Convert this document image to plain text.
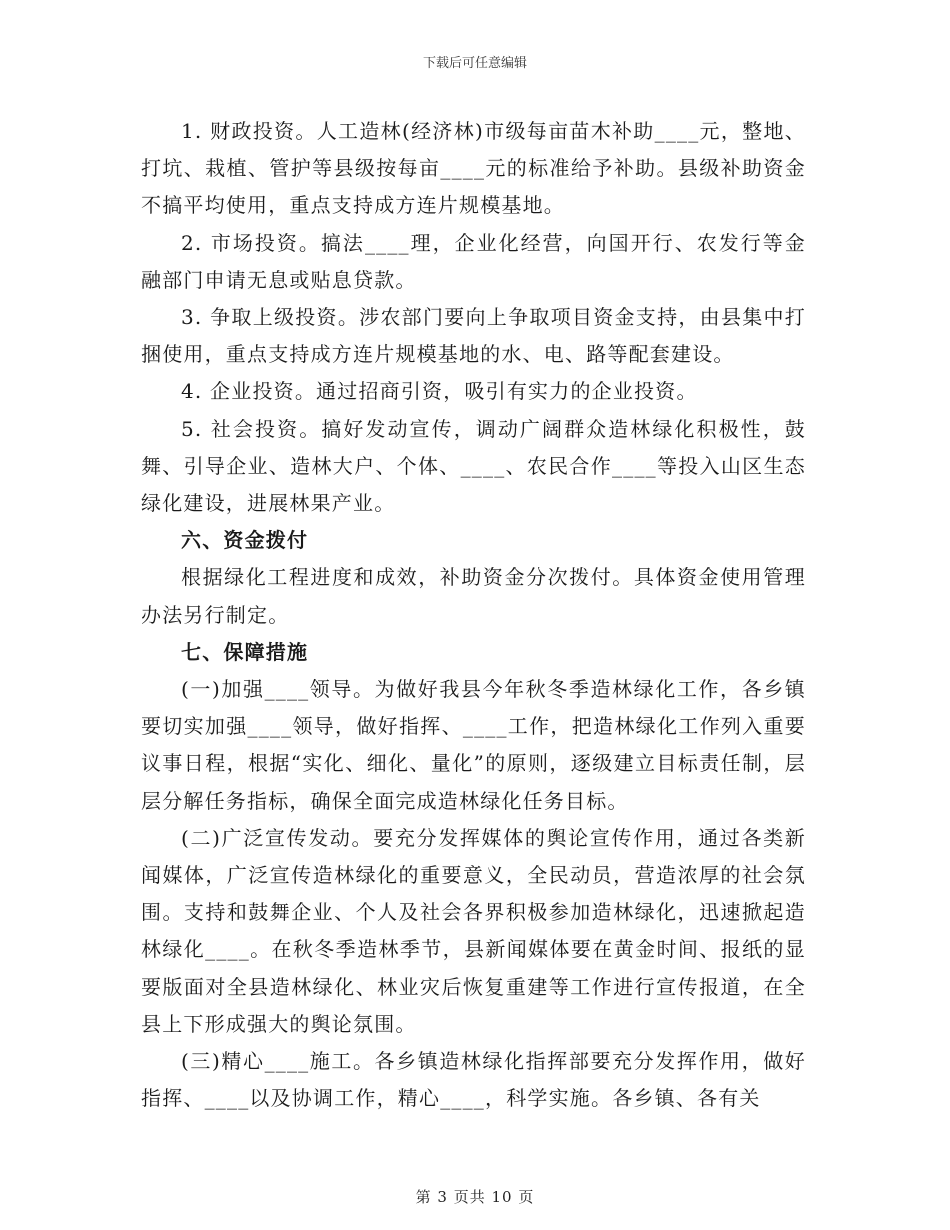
下载后可任意编辑

1. 财政投资。人工造林(经济林)市级每亩苗木补助____元，整地、打坑、栽植、管护等县级按每亩____元的标准给予补助。县级补助资金不搞平均使用，重点支持成方连片规模基地。

2. 市场投资。搞法____理，企业化经营，向国开行、农发行等金融部门申请无息或贴息贷款。

3. 争取上级投资。涉农部门要向上争取项目资金支持，由县集中打捆使用，重点支持成方连片规模基地的水、电、路等配套建设。

4. 企业投资。通过招商引资，吸引有实力的企业投资。

5. 社会投资。搞好发动宣传，调动广阔群众造林绿化积极性，鼓舞、引导企业、造林大户、个体、____、农民合作____等投入山区生态绿化建设，进展林果产业。

六、资金拨付

根据绿化工程进度和成效，补助资金分次拨付。具体资金使用管理办法另行制定。

七、保障措施

(一)加强____领导。为做好我县今年秋冬季造林绿化工作，各乡镇要切实加强____领导，做好指挥、____工作，把造林绿化工作列入重要议事日程，根据“实化、细化、量化”的原则，逐级建立目标责任制，层层分解任务指标，确保全面完成造林绿化任务目标。

(二)广泛宣传发动。要充分发挥媒体的舆论宣传作用，通过各类新闻媒体，广泛宣传造林绿化的重要意义，全民动员，营造浓厚的社会氛围。支持和鼓舞企业、个人及社会各界积极参加造林绿化，迅速掀起造林绿化____。在秋冬季造林季节，县新闻媒体要在黄金时间、报纸的显要版面对全县造林绿化、林业灾后恢复重建等工作进行宣传报道，在全县上下形成强大的舆论氛围。

(三)精心____施工。各乡镇造林绿化指挥部要充分发挥作用，做好指挥、____以及协调工作，精心____，科学实施。各乡镇、各有关

第 3 页共 10 页
